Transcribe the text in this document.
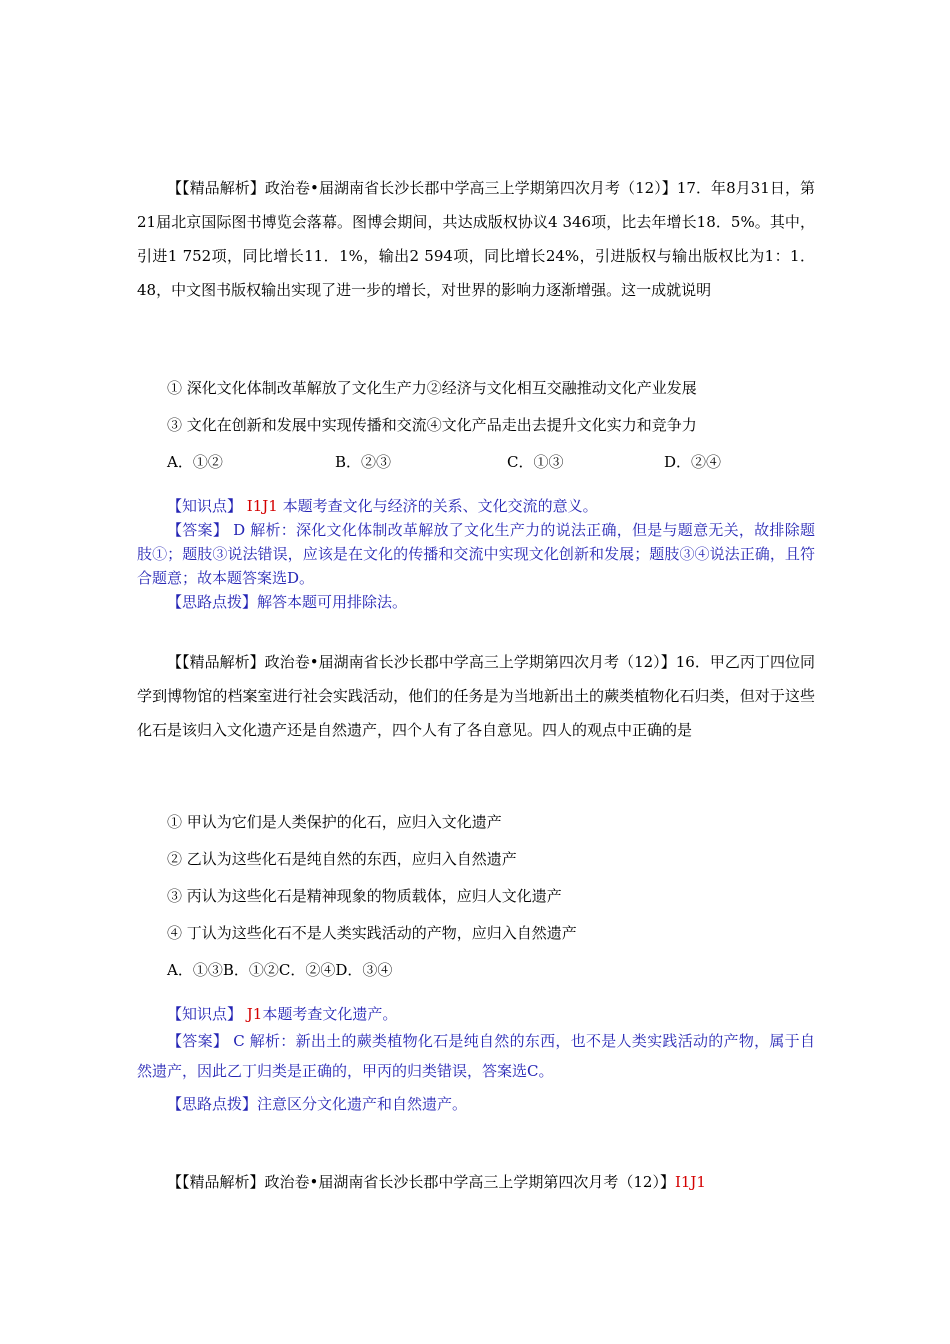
【【精品解析】政治卷•届湖南省长沙长郡中学高三上学期第四次月考（12）】17．年8月31日，第21届北京国际图书博览会落幕。图博会期间，共达成版权协议4 346项，比去年增长18．5%。其中，引进1 752项，同比增长11．1%，输出2 594项，同比增长24%，引进版权与输出版权比为1：1．48，中文图书版权输出实现了进一步的增长，对世界的影响力逐渐增强。这一成就说明

① 深化文化体制改革解放了文化生产力②经济与文化相互交融推动文化产业发展

③ 文化在创新和发展中实现传播和交流④文化产品走出去提升文化实力和竞争力

A．①②	B．②③	C．①③	D．②④
【知识点】 I1J1 本题考查文化与经济的关系、文化交流的意义。
【答案】 D 解析：深化文化体制改革解放了文化生产力的说法正确，但是与题意无关，故排除题肢①；题肢③说法错误，应该是在文化的传播和交流中实现文化创新和发展；题肢③④说法正确，且符合题意；故本题答案选D。
【思路点拨】解答本题可用排除法。

【【精品解析】政治卷•届湖南省长沙长郡中学高三上学期第四次月考（12）】16．甲乙丙丁四位同学到博物馆的档案室进行社会实践活动，他们的任务是为当地新出土的蕨类植物化石归类，但对于这些化石是该归入文化遗产还是自然遗产，四个人有了各自意见。四人的观点中正确的是

① 甲认为它们是人类保护的化石，应归入文化遗产

② 乙认为这些化石是纯自然的东西，应归入自然遗产

③ 丙认为这些化石是精神现象的物质载体，应归人文化遗产

④ 丁认为这些化石不是人类实践活动的产物，应归入自然遗产

A．①③B．①②C．②④D．③④

【知识点】 J1本题考查文化遗产。
【答案】 C 解析：新出土的蕨类植物化石是纯自然的东西，也不是人类实践活动的产物，属于自然遗产，因此乙丁归类是正确的，甲丙的归类错误，答案选C。
【思路点拨】注意区分文化遗产和自然遗产。
【【精品解析】政治卷•届湖南省长沙长郡中学高三上学期第四次月考（12）】I1J1
